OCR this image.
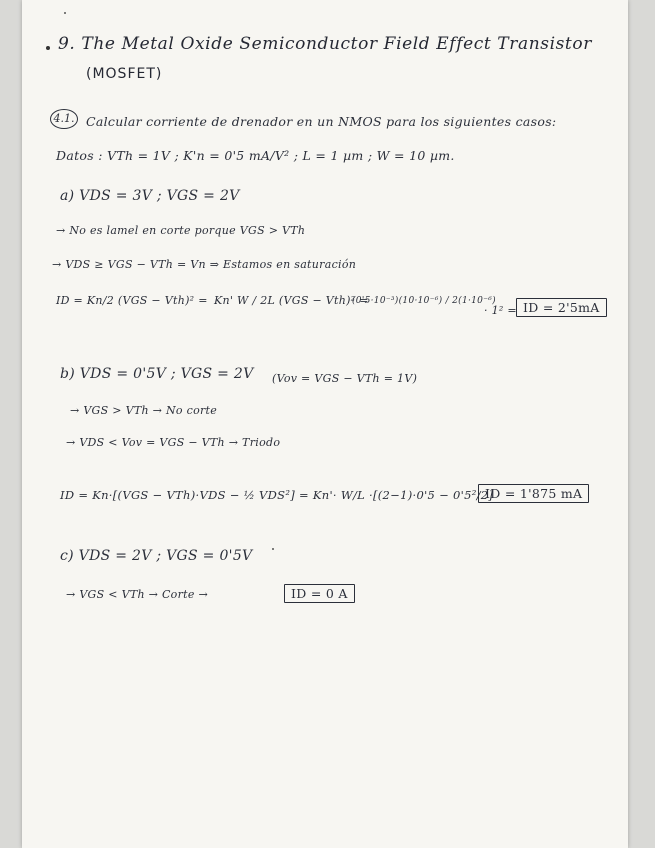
9. The Metal Oxide Semiconductor Field Effect Transistor
(MOSFET)
4.1. Calcular corriente de drenador en un NMOS para los siguientes casos:
Datos : VTh = 1V ; K'n = 0'5 mA/V² ; L = 1 µm ; W = 10 µm.
a) VDS = 3V ; VGS = 2V
→ No es lamel en corte porque VGS > VTh
→ VDS ≥ VGS − VTh = Vn ⇒ Estamos en saturación
ID = Kn/2 (VGS − Vth)² = Kn' W / 2L (VGS − Vth)² =
(0'5·10⁻³)(10·10⁻⁶) / 2(1·10⁻⁶)
· 1² = ID = 2'5mA
b) VDS = 0'5V ; VGS = 2V (Vov = VGS − VTh = 1V)
→ VGS > VTh → No corte
→ VDS < Vov = VGS − VTh → Triodo
ID = Kn·[(VGS − VTh)·VDS − ½ VDS²] = Kn'· W/L ·[(2−1)·0'5 − 0'5²/2]
ID = 1'875 mA
c) VDS = 2V ; VGS = 0'5V
→ VGS < VTh → Corte →	ID = 0 A
